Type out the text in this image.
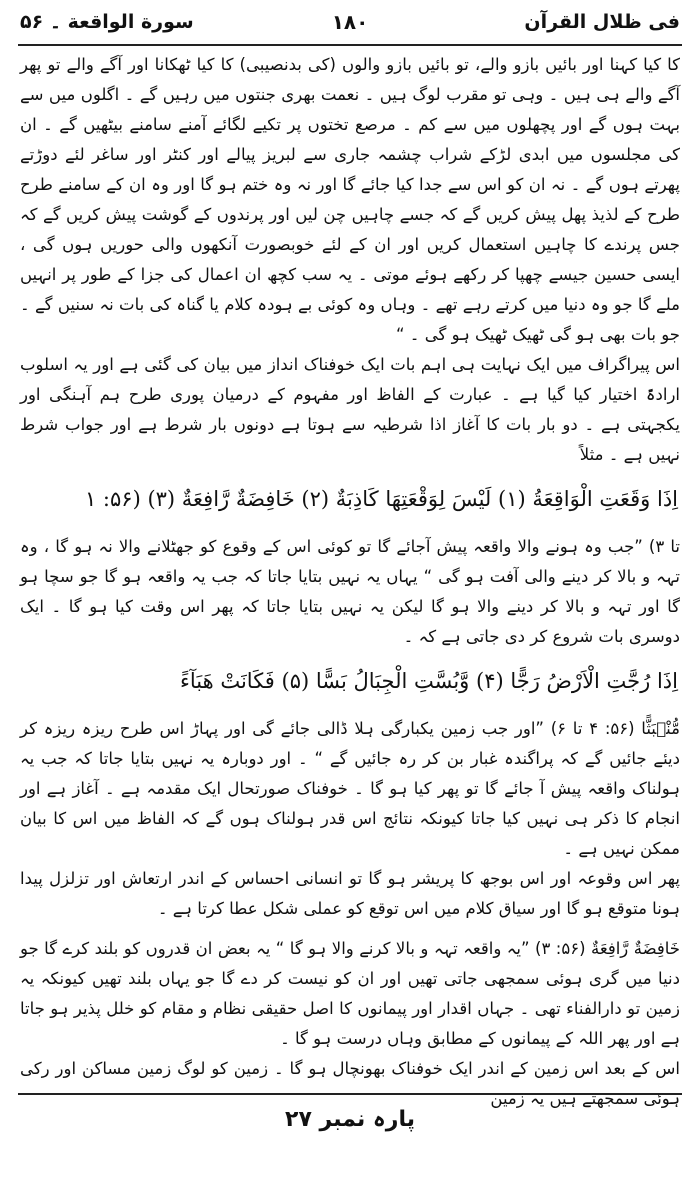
فی ظلال القرآن
۱۸۰
سورة الواقعة ۔ ۵۶

کا کیا کہنا اور بائیں بازو والے، تو بائیں بازو والوں (کی بدنصیبی) کا کیا ٹھکانا اور آگے والے تو پھر آگے والے ہی ہیں ۔ وہی تو مقرب لوگ ہیں ۔ نعمت بھری جنتوں میں رہیں گے ۔ اگلوں میں سے بہت ہوں گے اور پچھلوں میں سے کم ۔ مرصع تختوں پر تکیے لگائے آمنے سامنے بیٹھیں گے ۔ ان کی مجلسوں میں ابدی لڑکے شراب چشمہ جاری سے لبریز پیالے اور کنٹر اور ساغر لئے دوڑتے پھرتے ہوں گے ۔ نہ ان کو اس سے جدا کیا جائے گا اور نہ وہ ختم ہو گا اور وہ ان کے سامنے طرح طرح کے لذیذ پھل پیش کریں گے کہ جسے چاہیں چن لیں اور پرندوں کے گوشت پیش کریں گے کہ جس پرندے کا چاہیں استعمال کریں اور ان کے لئے خوبصورت آنکھوں والی حوریں ہوں گی ، ایسی حسین جیسے چھپا کر رکھے ہوئے موتی ۔ یہ سب کچھ ان اعمال کی جزا کے طور پر انہیں ملے گا جو وہ دنیا میں کرتے رہے تھے ۔ وہاں وہ کوئی بے ہودہ کلام یا گناہ کی بات نہ سنیں گے ۔ جو بات بھی ہو گی ٹھیک ٹھیک ہو گی ۔ “

اس پیراگراف میں ایک نہایت ہی اہم بات ایک خوفناک انداز میں بیان کی گئی ہے اور یہ اسلوب ارادۃً اختیار کیا گیا ہے ۔ عبارت کے الفاظ اور مفہوم کے درمیان پوری طرح ہم آہنگی اور یکجہتی ہے ۔ دو بار بات کا آغاز اذا شرطیہ سے ہوتا ہے دونوں بار شرط ہے اور جواب شرط نہیں ہے ۔ مثلاً

اِذَا وَقَعَتِ الْوَاقِعَةُ (۱) لَیْسَ لِوَقْعَتِهَا کَاذِبَةٌ (۲) خَافِضَةٌ رَّافِعَةٌ (۳) (۵۶: ۱

تا ۳) ”جب وہ ہونے والا واقعہ پیش آجائے گا تو کوئی اس کے وقوع کو جھٹلانے والا نہ ہو گا ، وہ تہہ و بالا کر دینے والی آفت ہو گی “ یہاں یہ نہیں بتایا جاتا کہ جب یہ واقعہ ہو گا جو سچا ہو گا اور تہہ و بالا کر دینے والا ہو گا لیکن یہ نہیں بتایا جاتا کہ پھر اس وقت کیا ہو گا ۔ ایک دوسری بات شروع کر دی جاتی ہے کہ ۔

اِذَا رُجَّتِ الْاَرْضُ رَجًّا (۴) وَّبُسَّتِ الْجِبَالُ بَسًّا (۵) فَکَانَتْ هَبَآءً

مُّنْۢبَثًّا (۵۶: ۴ تا ۶) ”اور جب زمین یکبارگی ہلا ڈالی جائے گی اور پہاڑ اس طرح ریزہ ریزہ کر دیئے جائیں گے کہ پراگندہ غبار بن کر رہ جائیں گے “ ۔ اور دوبارہ یہ نہیں بتایا جاتا کہ جب یہ ہولناک واقعہ پیش آ جائے گا تو پھر کیا ہو گا ۔ خوفناک صورتحال ایک مقدمہ ہے ۔ آغاز ہے اور انجام کا ذکر ہی نہیں کیا جاتا کیونکہ نتائج اس قدر ہولناک ہوں گے کہ الفاظ میں اس کا بیان ممکن نہیں ہے ۔

پھر اس وقوعہ اور اس بوجھ کا پریشر ہو گا تو انسانی احساس کے اندر ارتعاش اور تزلزل پیدا ہونا متوقع ہو گا اور سیاق کلام میں اس توقع کو عملی شکل عطا کرتا ہے ۔

خَافِضَةٌ رَّافِعَةٌ (۵۶: ۳) ”یہ واقعہ تہہ و بالا کرنے والا ہو گا “ یہ بعض ان قدروں کو بلند کرے گا جو دنیا میں گری ہوئی سمجھی جاتی تھیں اور ان کو نیست کر دے گا جو یہاں بلند تھیں کیونکہ یہ زمین تو دارالفناء تھی ۔ جہاں اقدار اور پیمانوں کا اصل حقیقی نظام و مقام کو خلل پذیر ہو جاتا ہے اور پھر اللہ کے پیمانوں کے مطابق وہاں درست ہو گا ۔

اس کے بعد اس زمین کے اندر ایک خوفناک بھونچال ہو گا ۔ زمین کو لوگ زمین مساکن اور رکی ہوئی سمجھتے ہیں یہ زمین

پارہ نمبر ۲۷
